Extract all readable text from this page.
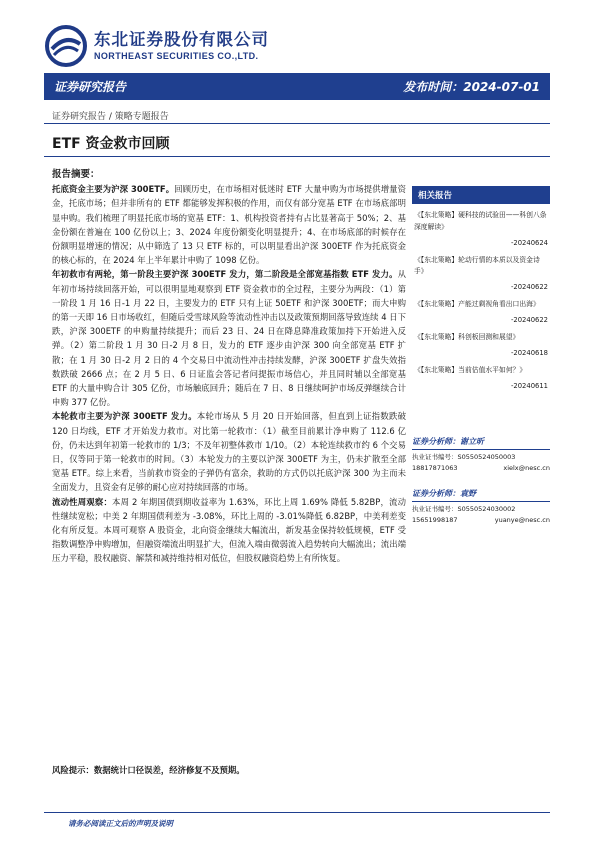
东北证券股份有限公司
NORTHEAST SECURITIES CO.,LTD.
证券研究报告	发布时间：2024-07-01
证券研究报告 / 策略专题报告
ETF 资金救市回顾

报告摘要：

托底资金主要为沪深 300ETF。回顾历史，在市场相对低迷时 ETF 大量申购为市场提供增量资金，托底市场；但并非所有的 ETF 都能够发挥积极的作用，而仅有部分宽基 ETF 在市场底部明显申购。我们梳理了明显托底市场的宽基 ETF：1、机构投资者持有占比显著高于 50%；2、基金份额在普遍在 100 亿份以上；3、2024 年度份额变化明显提升；4、在市场底部的时候存在份额明显增速的情况；从中筛选了 13 只 ETF 标的，可以明显看出沪深 300ETF 作为托底资金的核心标的，在 2024 年上半年累计申购了 1098 亿份。

年初救市有两轮，第一阶段主要沪深 300ETF 发力，第二阶段是全部宽基指数 ETF 发力。从年初市场持续回落开始，可以很明显地观察到 ETF 资金救市的全过程，主要分为两段：（1）第一阶段 1 月 16 日-1 月 22 日，主要发力的 ETF 只有上证 50ETF 和沪深 300ETF；而大申购的第一天即 16 日市场收红，但随后受雪球风险等流动性冲击以及政策预期回落导致连续 4 日下跌，沪深 300ETF 的申购量持续提升；而后 23 日、24 日在降息降准政策加持下开始进入反弹。（2）第二阶段 1 月 30 日-2 月 8 日，发力的 ETF 逐步由沪深 300 向全部宽基 ETF 扩散；在 1 月 30 日-2 月 2 日的 4 个交易日中流动性冲击持续发酵，沪深 300ETF 扩盘失效指数跌破 2666 点；在 2 月 5 日、6 日证监会答记者问提振市场信心，并且同时辅以全部宽基 ETF 的大量申购合计 305 亿份，市场触底回升；随后在 7 日、8 日继续呵护市场反弹继续合计申购 377 亿份。

本轮救市主要为沪深 300ETF 发力。本轮市场从 5 月 20 日开始回落，但直到上证指数跌破 120 日均线，ETF 才开始发力救市。对比第一轮救市：（1）截至目前累计净申购了 112.6 亿份，仍未达到年初第一轮救市的 1/3；不及年初整体救市 1/10。（2）本轮连续救市约 6 个交易日，仅等同于第一轮救市的时间。（3）本轮发力的主要以沪深 300ETF 为主，仍未扩散至全部宽基 ETF。综上来看，当前救市资金的子弹仍有富余，救助的方式仍以托底沪深 300 为主而未全面发力，且资金有足够的耐心应对持续回落的市场。

流动性周观察：本周 2 年期国债到期收益率为 1.63%，环比上周 1.69% 降低 5.82BP，流动性继续宽松；中美 2 年期国债利差为 -3.08%，环比上周的 -3.01%降低 6.82BP，中美利差变化有所反复。本周可观察 A 股资金，北向资金继续大幅流出，新发基金保持较低规模，ETF 受指数调整净申购增加，但融资端流出明显扩大，但流入端由微弱流入趋势转向大幅流出；流出端压力平稳，股权融资、解禁和减持维持相对低位，但股权融资趋势上有所恢复。

风险提示：数据统计口径误差，经济修复不及预期。
相关报告
《【东北策略】硬科技的试验田——科创八条深度解读》
-20240624
《【东北策略】轮动行情的本质以及资金诗手》
-20240622
《【东北策略】产能过剩视角看出口出海》
-20240622
《【东北策略】科创板回测和展望》
-20240618
《【东北策略】当前估值水平如何？》
-20240611
证券分析师：谢立昕
执业证书编号：S0550524050003
18817871063	xielx@nesc.cn
证券分析师：袁野
执业证书编号：S0550524030002
15651998187	yuanye@nesc.cn
请务必阅读正文后的声明及说明
